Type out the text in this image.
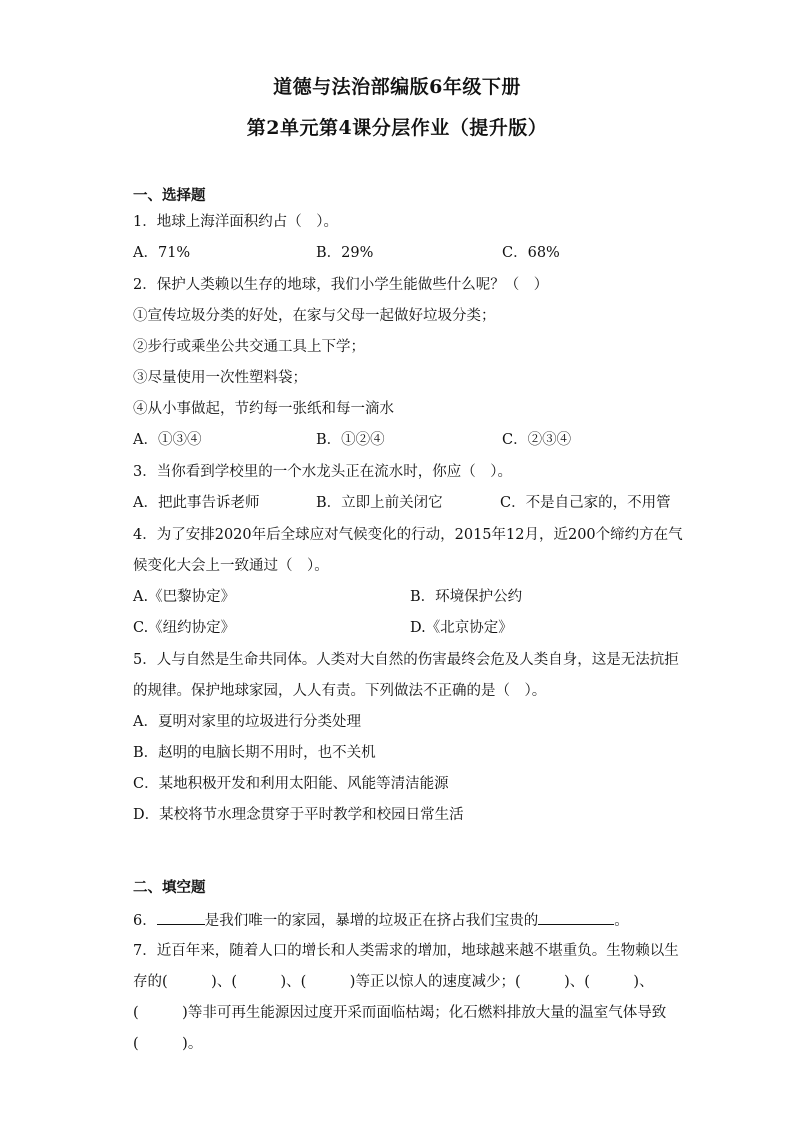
道德与法治部编版6年级下册
第2单元第4课分层作业（提升版）
一、选择题
1．地球上海洋面积约占（　）。
A．71%	B．29%	C．68%
2．保护人类赖以生存的地球，我们小学生能做些什么呢？（　）
①宣传垃圾分类的好处，在家与父母一起做好垃圾分类；
②步行或乘坐公共交通工具上下学；
③尽量使用一次性塑料袋；
④从小事做起，节约每一张纸和每一滴水
A．①③④	B．①②④	C．②③④
3．当你看到学校里的一个水龙头正在流水时，你应（　）。
A．把此事告诉老师	B．立即上前关闭它	C．不是自己家的，不用管
4．为了安排2020年后全球应对气候变化的行动，2015年12月，近200个缔约方在气
候变化大会上一致通过（　）。
A.《巴黎协定》	B．环境保护公约
C.《纽约协定》	D.《北京协定》
5．人与自然是生命共同体。人类对大自然的伤害最终会危及人类自身，这是无法抗拒
的规律。保护地球家园，人人有责。下列做法不正确的是（　）。
A．夏明对家里的垃圾进行分类处理
B．赵明的电脑长期不用时，也不关机
C．某地积极开发和利用太阳能、风能等清洁能源
D．某校将节水理念贯穿于平时教学和校园日常生活
二、填空题
6．	是我们唯一的家园，暴增的垃圾正在挤占我们宝贵的	。
7．近百年来，随着人口的增长和人类需求的增加，地球越来越不堪重负。生物赖以生
存的(　　　)、(　　　)、(　　　)等正以惊人的速度减少；(　　　)、(　　　)、
(　　　)等非可再生能源因过度开采而面临枯竭；化石燃料排放大量的温室气体导致
(　　　)。
